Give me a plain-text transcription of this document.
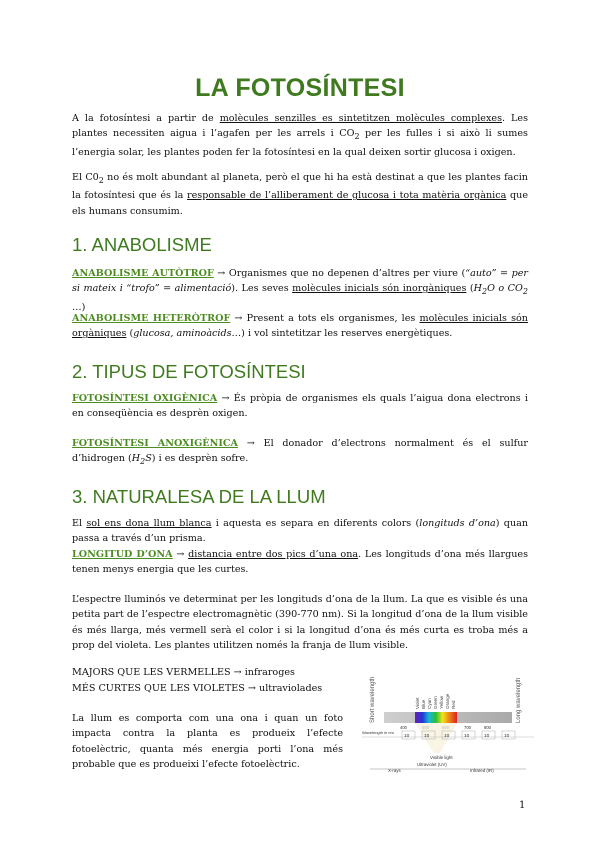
LA FOTOSÍNTESI

A la fotosíntesi a partir de molècules senzilles es sintetitzen molècules complexes. Les plantes necessiten aigua i l’agafen per les arrels i $CO_2$ per les fulles i si això li sumes l’energia solar, les plantes poden fer la fotosíntesi en la qual deixen sortir glucosa i oxigen.

El $C0_2$ no és molt abundant al planeta, però el que hi ha està destinat a que les plantes facin la fotosíntesi que és la responsable de l’alliberament de glucosa i tota matèria orgànica que els humans consumim.

1. ANABOLISME

ANABOLISME AUTÒTROF → Organismes que no depenen d’altres per viure (“auto” = per si mateix i “trofo” = alimentació). Les seves molècules inicials són inorgàniques ($H_2O$ o $CO_2$ …)

ANABOLISME HETERÒTROF → Present a tots els organismes, les molècules inicials són orgàniques (glucosa, aminoàcids…) i vol sintetitzar les reserves energètiques.

2. TIPUS DE FOTOSÍNTESI

FOTOSÍNTESI OXIGÈNICA → És pròpia de organismes els quals l’aigua dona electrons i en conseqüència es desprèn oxigen.

FOTOSÍNTESI ANOXIGÈNICA → El donador d’electrons normalment és el sulfur d’hidrogen $(H_2S)$ i es desprèn sofre.

3. NATURALESA DE LA LLUM

El sol ens dona llum blanca i aquesta es separa en diferents colors (longituds d’ona) quan passa a través d’un prisma.

LONGITUD D’ONA → distancia entre dos pics d’una ona. Les longituds d’ona més llargues tenen menys energia que les curtes.

L’espectre lluminós ve determinat per les longituds d’ona de la llum. La que es visible és una petita part de l’espectre electromagnètic (390-770 nm). Si la longitud d’ona de la llum visible és més llarga, més vermell serà el color i si la longitud d’ona és més curta es troba més a prop del violeta. Les plantes utilitzen només la franja de llum visible.

MAJORS QUE LES VERMELLES → infraroges

MÉS CURTES QUE LES VIOLETES → ultraviolades

La llum es comporta com una ona i quan un foto impacta contra la planta es produeix l’efecte fotoelèctric, quanta més energia porti l’ona més probable que es produeixi l’efecte fotoelèctric.

Short wavelength	Long wavelength
Violet Blue Cyan Green Yellow Orange Red
400	700	800
Wavelength in nm
10	10	10	10	10	10
Visible light
X-rays
Ultraviolet (UV)
Infrared (IR)
1
